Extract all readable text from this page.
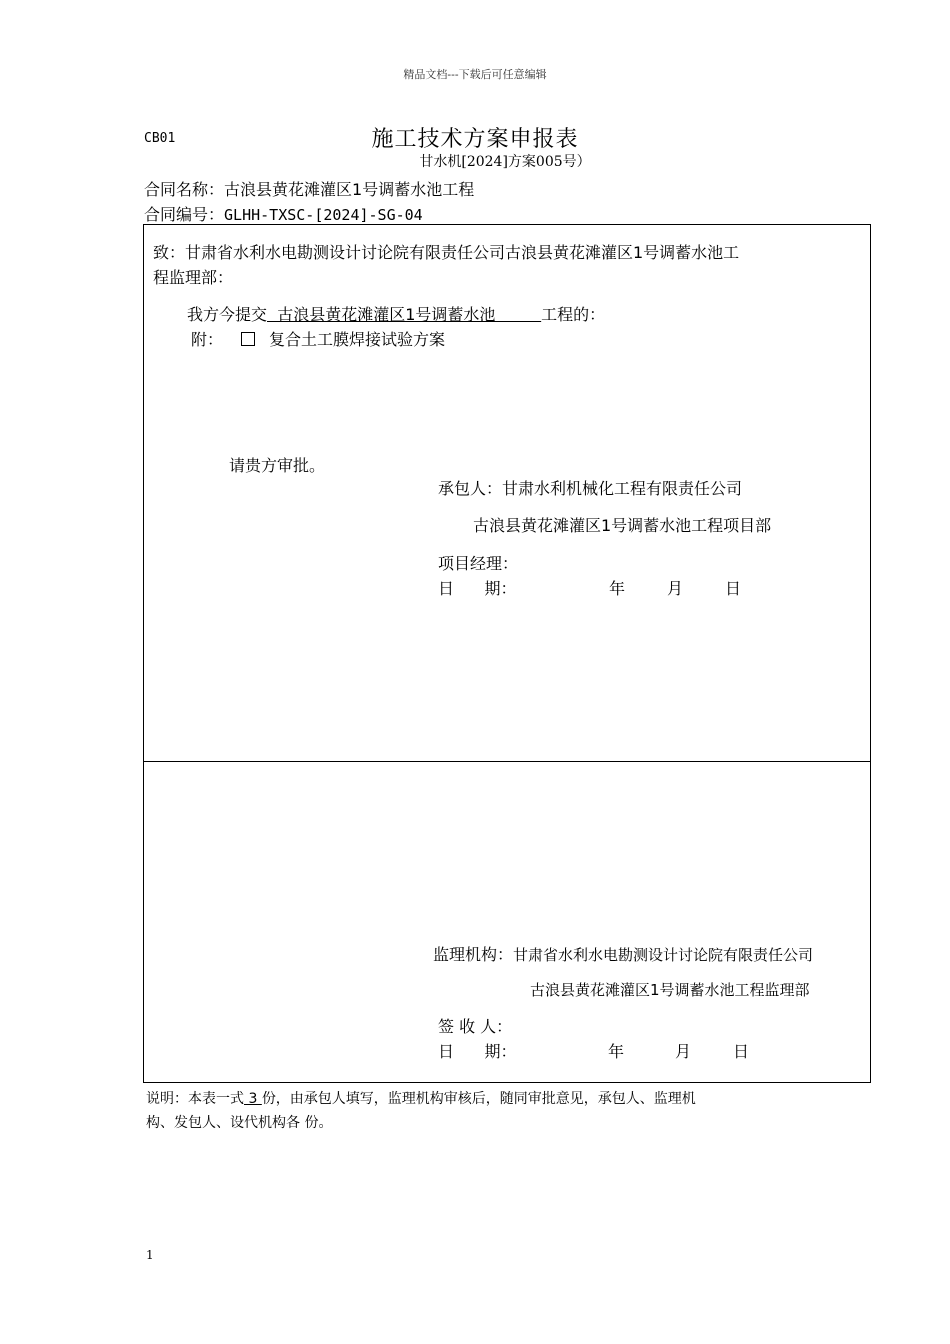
精品文档---下载后可任意编辑
CB01	施工技术方案申报表
甘水机[2024]方案005号）
合同名称：古浪县黄花滩灌区1号调蓄水池工程
合同编号：GLHH-TXSC-[2024]-SG-04
致：甘肃省水利水电勘测设计讨论院有限责任公司古浪县黄花滩灌区1号调蓄水池工
程监理部：
我方今提交  古浪县黄花滩灌区1号调蓄水池         工程的：
附：	复合土工膜焊接试验方案
请贵方审批。
承包人：甘肃水利机械化工程有限责任公司
古浪县黄花滩灌区1号调蓄水池工程项目部
项目经理：
日      期：	年	月	日
监理机构：甘肃省水利水电勘测设计讨论院有限责任公司
古浪县黄花滩灌区1号调蓄水池工程监理部
签 收 人：
日      期：	年	月	日
说明：本表一式 3 份，由承包人填写，监理机构审核后，随同审批意见，承包人、监理机
构、发包人、设代机构各 份。
1
